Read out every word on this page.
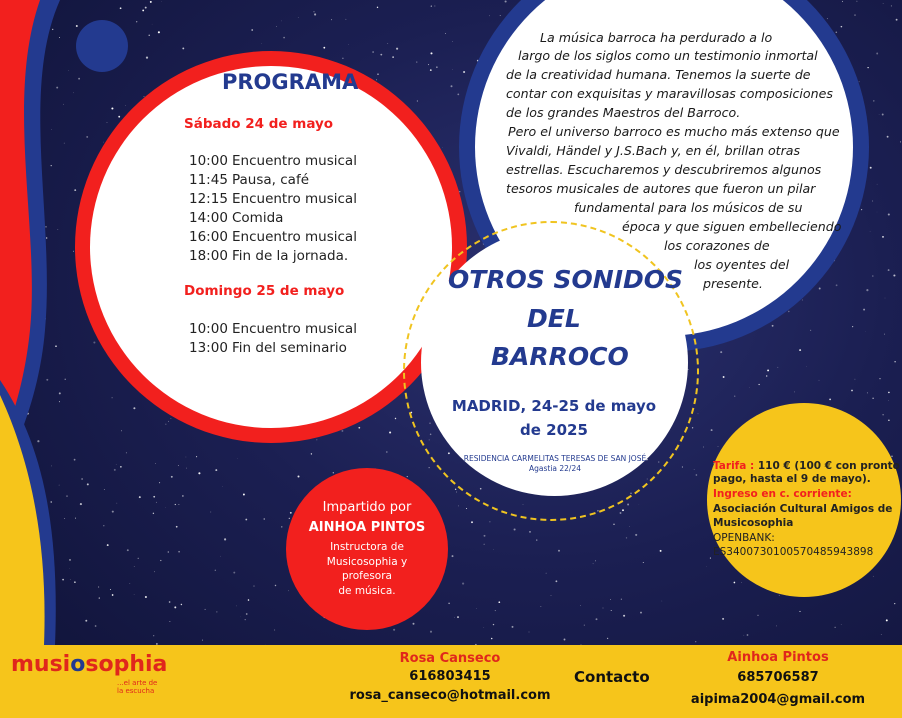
PROGRAMA
Sábado 24 de mayo
10:00 Encuentro musical
11:45 Pausa, café
12:15 Encuentro musical
14:00 Comida
16:00 Encuentro musical
18:00 Fin de la jornada.
Domingo 25 de mayo
10:00 Encuentro musical
13:00 Fin del seminario
La música barroca ha perdurado a lo
largo de los siglos como un testimonio inmortal
de la creatividad humana. Tenemos la suerte de
contar con exquisitas y maravillosas composiciones
de los grandes Maestros del Barroco.
Pero el universo barroco es mucho más extenso que
Vivaldi, Händel y J.S.Bach y, en él, brillan otras
estrellas. Escucharemos y descubriremos algunos
tesoros musicales de autores que fueron un pilar
fundamental para los músicos de su
época y que siguen embelleciendo
los corazones de
los oyentes del
presente.
OTROS SONIDOS
DEL
BARROCO
MADRID, 24-25 de mayo
de 2025
RESIDENCIA CARMELITAS TERESAS DE SAN JOSÉ
Agastia 22/24
Impartido por
AINHOA PINTOS
Instructora de
Musicosophia y
profesora
de música.
Tarifa : 110 € (100 € con pronto
pago, hasta el 9 de mayo).
Ingreso en c. corriente:
Asociación Cultural Amigos de
Musicosophia
OPENBANK:
ES3400730100570485943898
musiosophia
...el arte de
la escucha
Rosa Canseco
616803415
rosa_canseco@hotmail.com
Contacto
Ainhoa Pintos
685706587
aipima2004@gmail.com
